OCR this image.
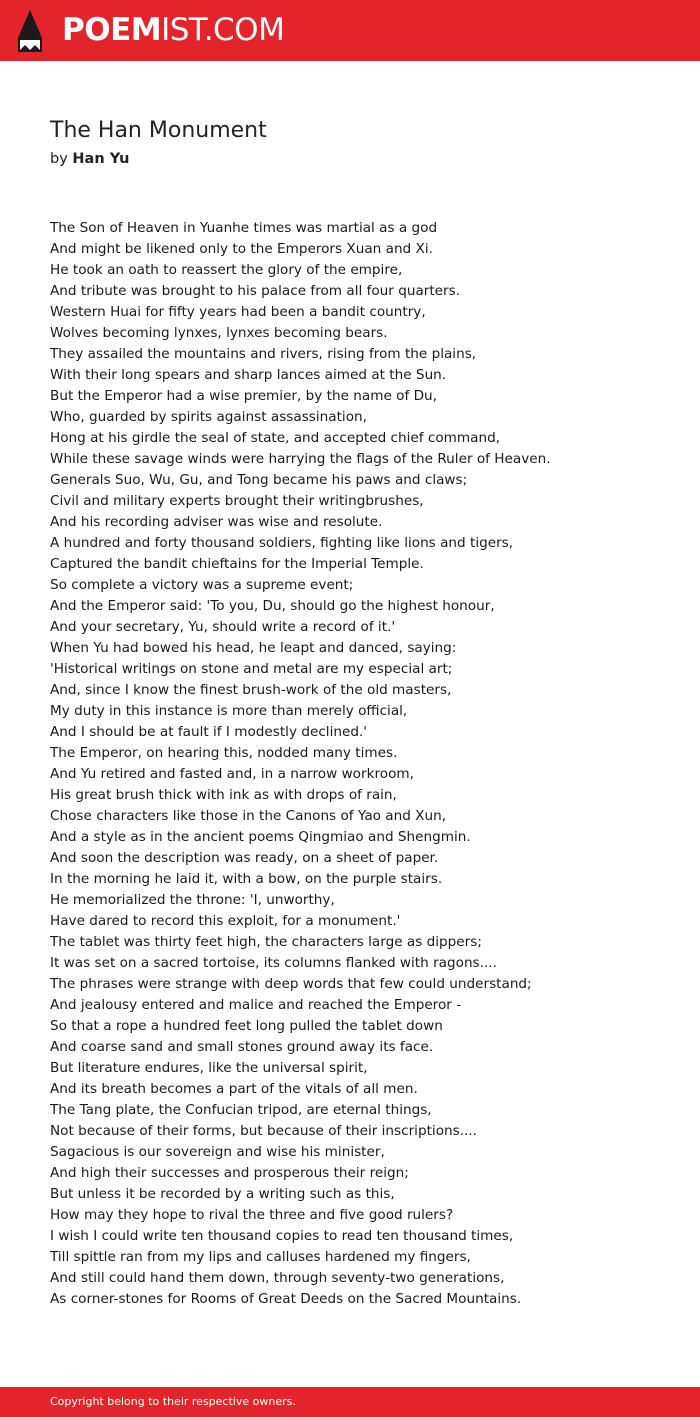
POEMIST.COM
The Han Monument
by Han Yu
The Son of Heaven in Yuanhe times was martial as a god
And might be likened only to the Emperors Xuan and Xi.
He took an oath to reassert the glory of the empire,
And tribute was brought to his palace from all four quarters.
Western Huai for fifty years had been a bandit country,
Wolves becoming lynxes, lynxes becoming bears.
They assailed the mountains and rivers, rising from the plains,
With their long spears and sharp lances aimed at the Sun.
But the Emperor had a wise premier, by the name of Du,
Who, guarded by spirits against assassination,
Hong at his girdle the seal of state, and accepted chief command,
While these savage winds were harrying the flags of the Ruler of Heaven.
Generals Suo, Wu, Gu, and Tong became his paws and claws;
Civil and military experts brought their writingbrushes,
And his recording adviser was wise and resolute.
A hundred and forty thousand soldiers, fighting like lions and tigers,
Captured the bandit chieftains for the Imperial Temple.
So complete a victory was a supreme event;
And the Emperor said: 'To you, Du, should go the highest honour,
And your secretary, Yu, should write a record of it.'
When Yu had bowed his head, he leapt and danced, saying:
'Historical writings on stone and metal are my especial art;
And, since I know the finest brush-work of the old masters,
My duty in this instance is more than merely official,
And I should be at fault if I modestly declined.'
The Emperor, on hearing this, nodded many times.
And Yu retired and fasted and, in a narrow workroom,
His great brush thick with ink as with drops of rain,
Chose characters like those in the Canons of Yao and Xun,
And a style as in the ancient poems Qingmiao and Shengmin.
And soon the description was ready, on a sheet of paper.
In the morning he laid it, with a bow, on the purple stairs.
He memorialized the throne: 'I, unworthy,
Have dared to record this exploit, for a monument.'
The tablet was thirty feet high, the characters large as dippers;
It was set on a sacred tortoise, its columns flanked with ragons....
The phrases were strange with deep words that few could understand;
And jealousy entered and malice and reached the Emperor -
So that a rope a hundred feet long pulled the tablet down
And coarse sand and small stones ground away its face.
But literature endures, like the universal spirit,
And its breath becomes a part of the vitals of all men.
The Tang plate, the Confucian tripod, are eternal things,
Not because of their forms, but because of their inscriptions....
Sagacious is our sovereign and wise his minister,
And high their successes and prosperous their reign;
But unless it be recorded by a writing such as this,
How may they hope to rival the three and five good rulers?
I wish I could write ten thousand copies to read ten thousand times,
Till spittle ran from my lips and calluses hardened my fingers,
And still could hand them down, through seventy-two generations,
As corner-stones for Rooms of Great Deeds on the Sacred Mountains.
Copyright belong to their respective owners.
